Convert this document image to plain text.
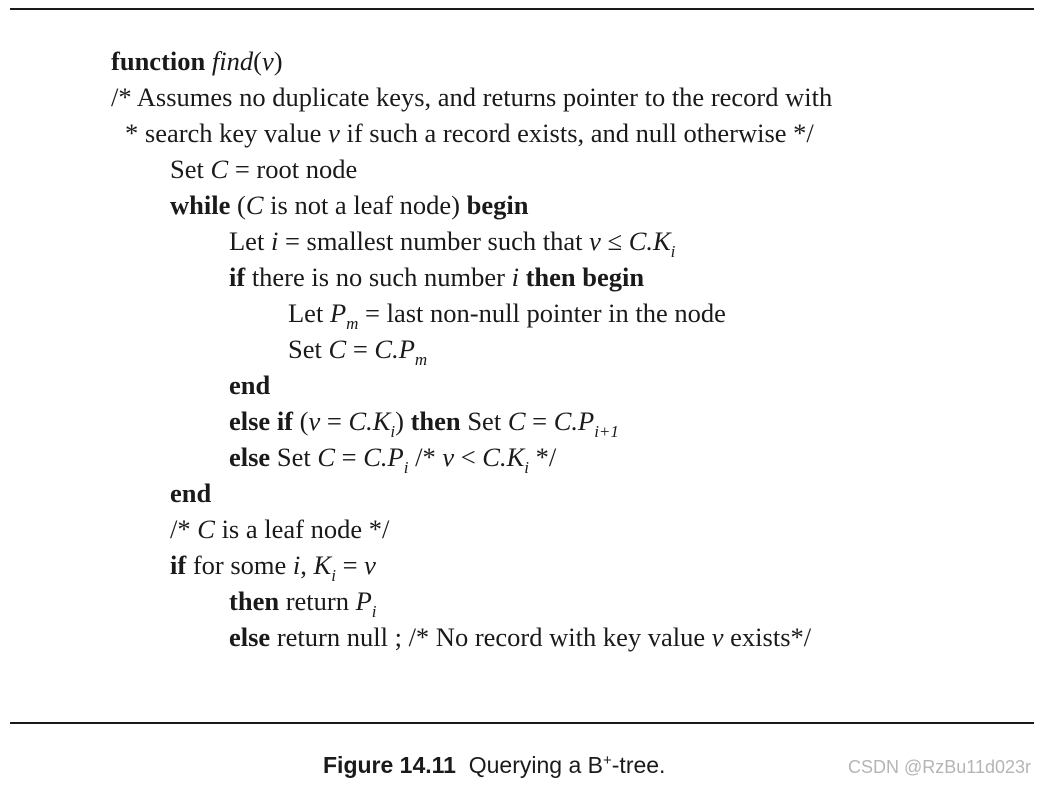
function find(v)
/* Assumes no duplicate keys, and returns pointer to the record with
* search key value v if such a record exists, and null otherwise */
Set C = root node
while (C is not a leaf node) begin
Let i = smallest number such that $v \le C.K_i$
if there is no such number i then begin
Let $P_m$ = last non-null pointer in the node
Set $C = C.P_m$
end
else if $(v = C.K_i)$ then Set $C = C.P_{i+1}$
else Set $C = C.P_i /* v < C.K_i$ */
end
/* C is a leaf node */
if for some i, $K_i = v$
then return $P_i$
else return null ; /* No record with key value v exists*/
Figure 14.11  Querying a B+-tree.	CSDN @RzBu11d023r
